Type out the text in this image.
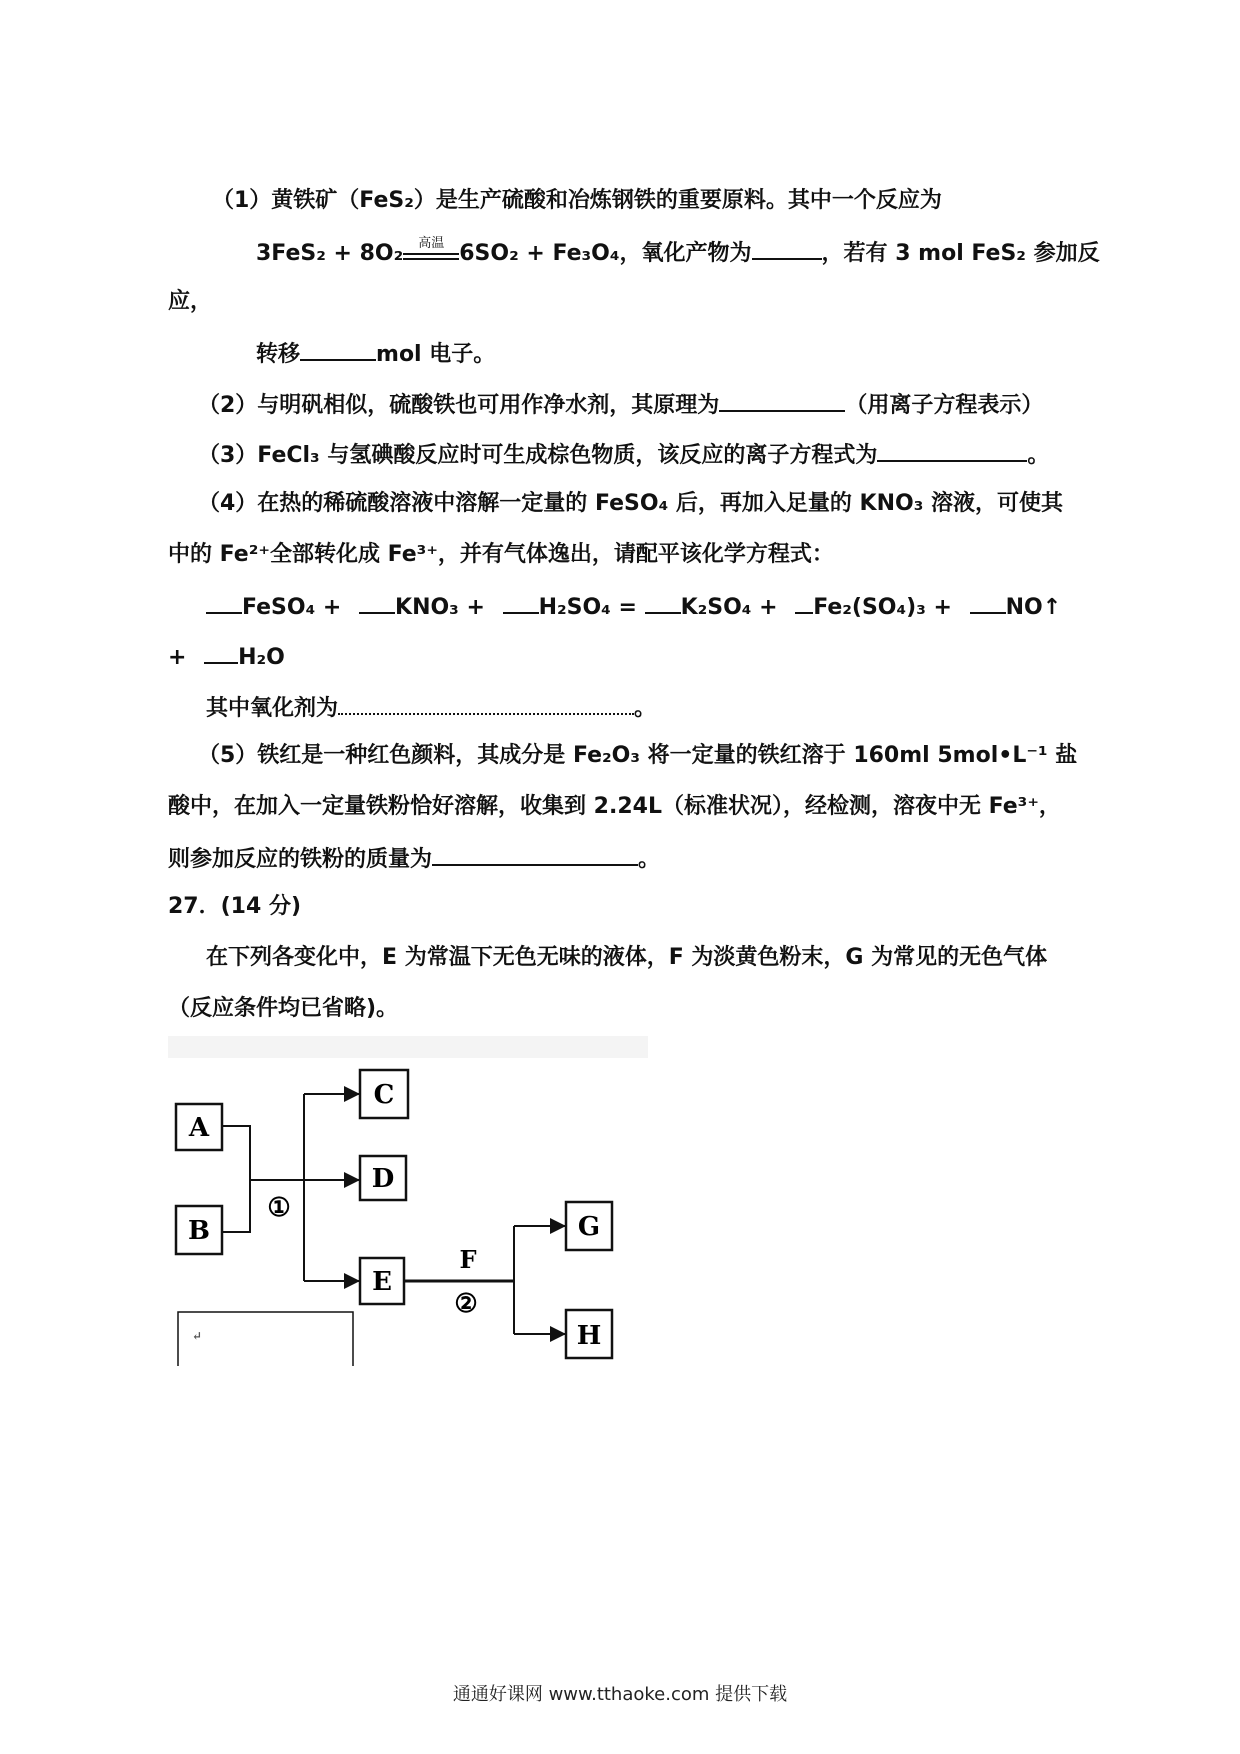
（1）黄铁矿（FeS₂）是生产硫酸和冶炼钢铁的重要原料。其中一个反应为
3FeS₂ + 8O₂	高温 6SO₂ + Fe₃O₄，氧化产物为	，若有 3 mol FeS₂ 参加反
应，
转移	mol 电子。
（2）与明矾相似，硫酸铁也可用作净水剂，其原理为	（用离子方程表示）
（3）FeCl₃ 与氢碘酸反应时可生成棕色物质，该反应的离子方程式为	。
（4）在热的稀硫酸溶液中溶解一定量的 FeSO₄ 后，再加入足量的 KNO₃ 溶液，可使其
中的 Fe²⁺全部转化成 Fe³⁺，并有气体逸出，请配平该化学方程式：
FeSO₄ + KNO₃ + H₂SO₄ = K₂SO₄ + Fe₂(SO₄)₃ + NO↑
+ H₂O
其中氧化剂为	。
（5）铁红是一种红色颜料，其成分是 Fe₂O₃ 将一定量的铁红溶于 160ml 5mol•L⁻¹ 盐
酸中，在加入一定量铁粉恰好溶解，收集到 2.24L（标准状况），经检测，溶夜中无 Fe³⁺，
则参加反应的铁粉的质量为	。
27．(14 分)
在下列各变化中，E 为常温下无色无味的液体，F 为淡黄色粉末，G 为常见的无色气体
（反应条件均已省略)。
A
B
C
D
E
G
H
①
F
②
↵
通通好课网 www.tthaoke.com 提供下载
